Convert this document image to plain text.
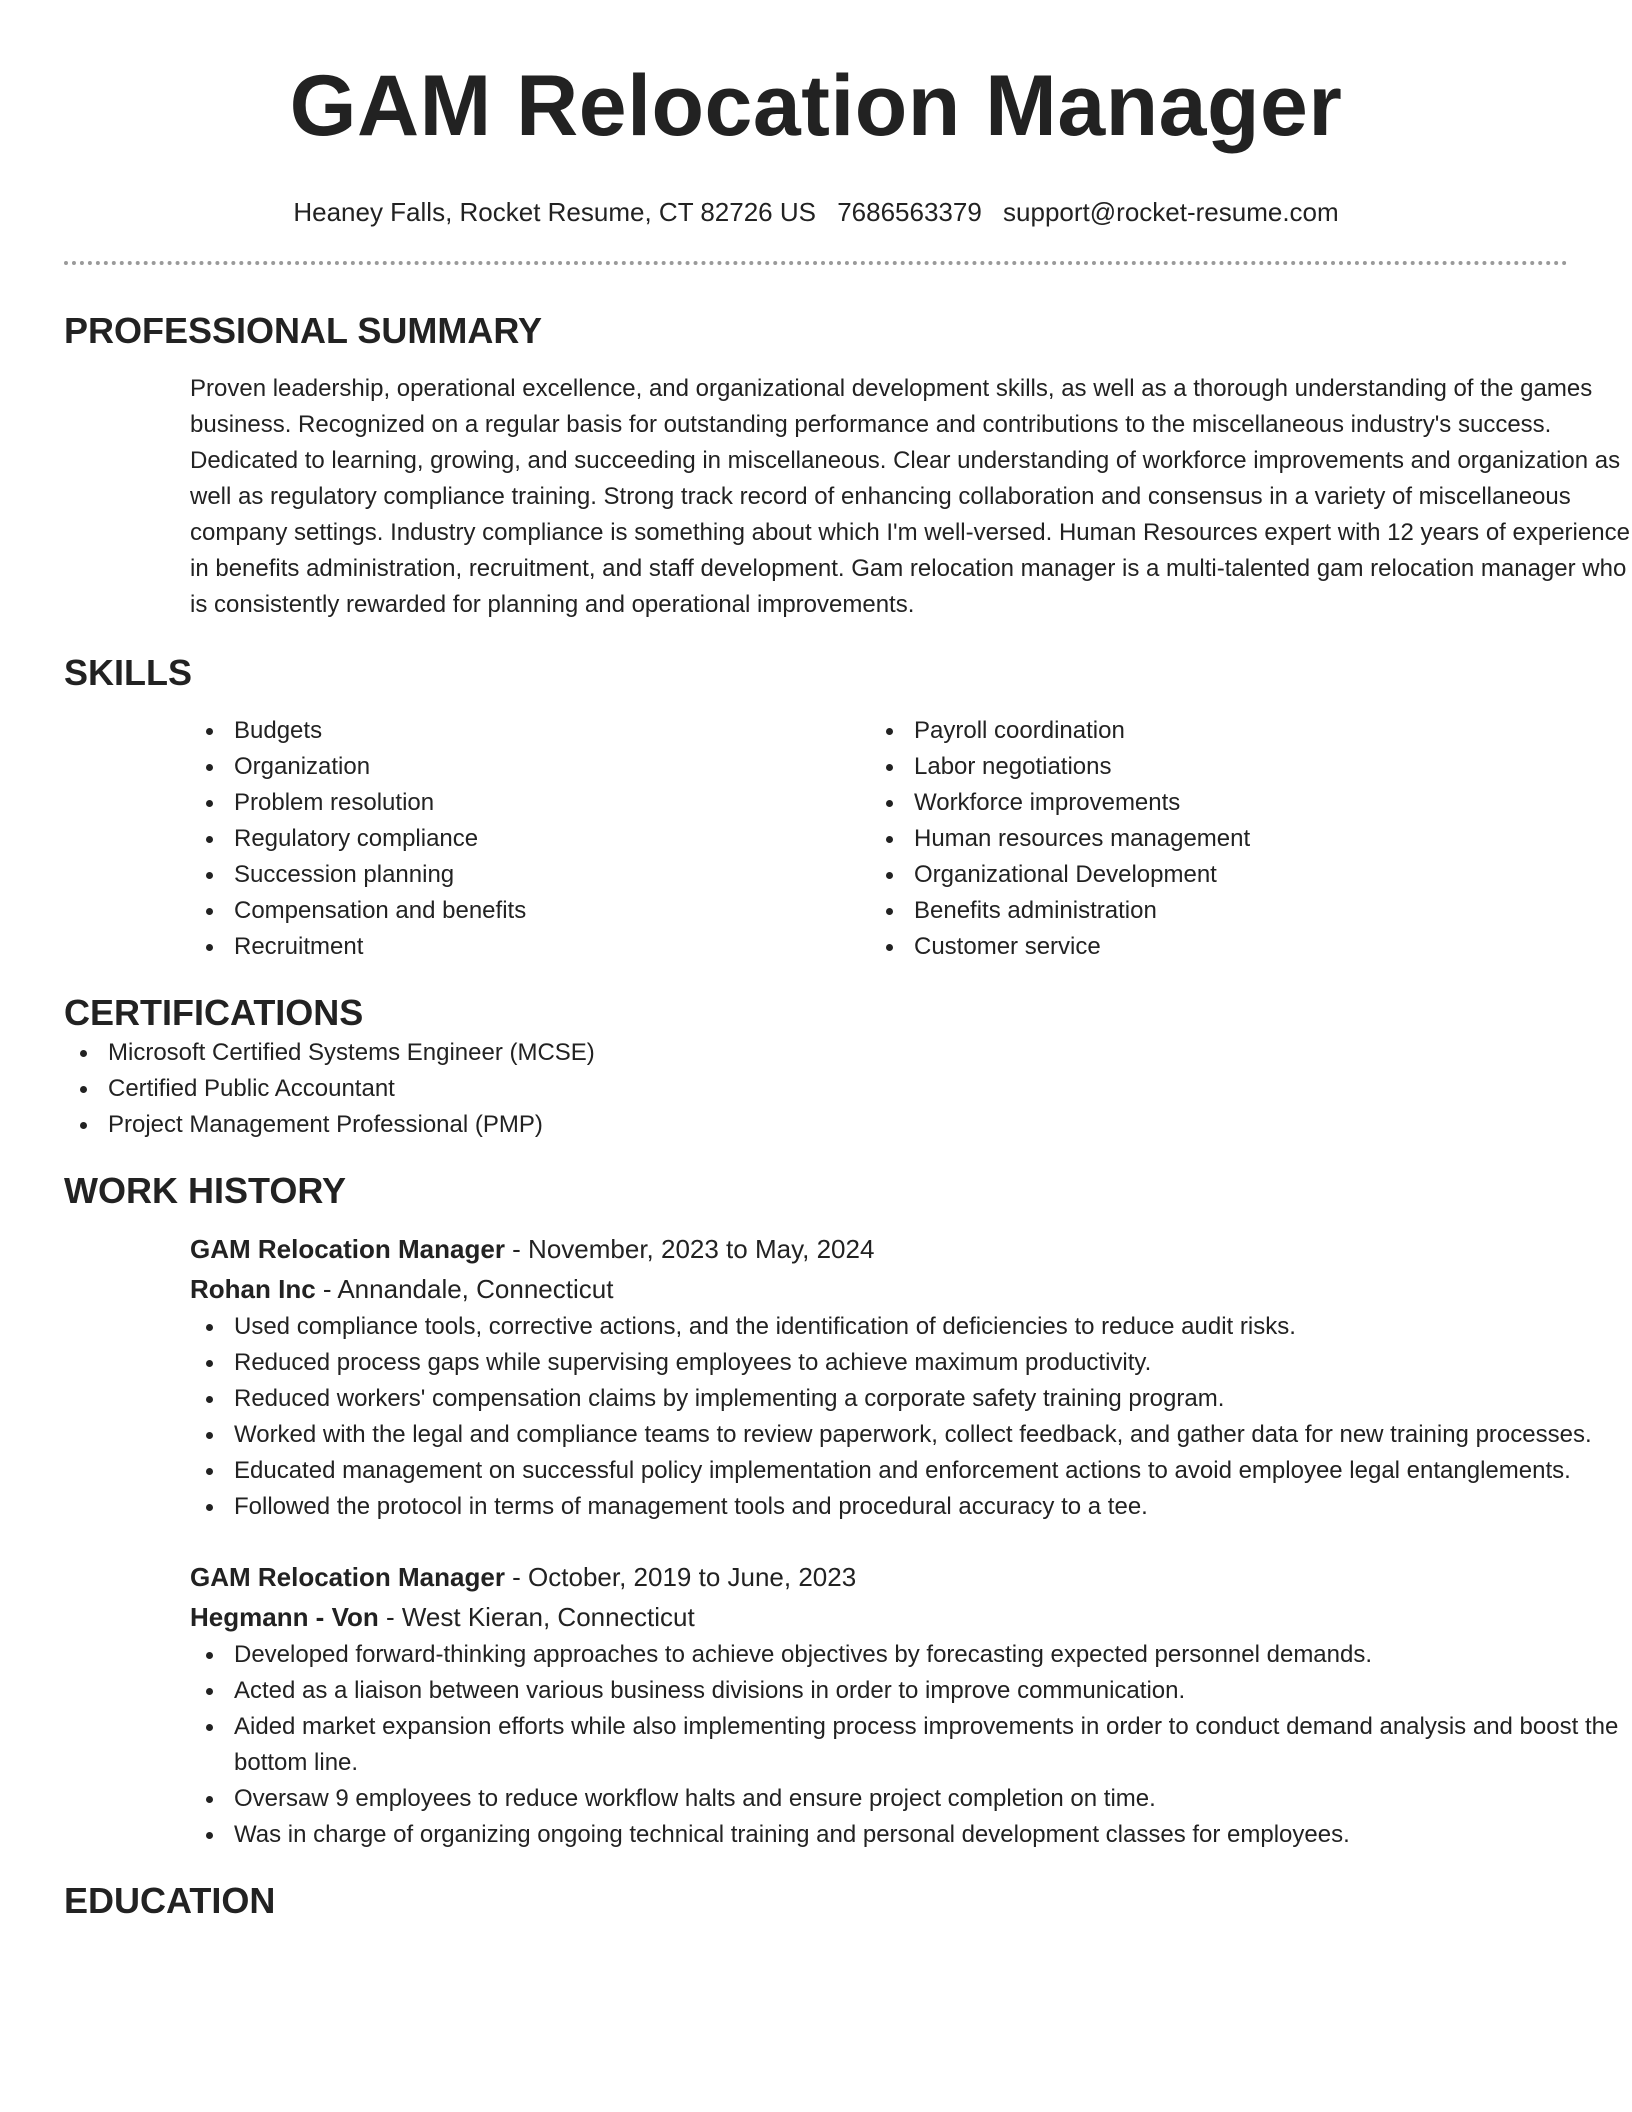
GAM Relocation Manager
Heaney Falls, Rocket Resume, CT 82726 US 7686563379 support@rocket-resume.com
PROFESSIONAL SUMMARY
Proven leadership, operational excellence, and organizational development skills, as well as a thorough understanding of the games business. Recognized on a regular basis for outstanding performance and contributions to the miscellaneous industry's success. Dedicated to learning, growing, and succeeding in miscellaneous. Clear understanding of workforce improvements and organization as well as regulatory compliance training. Strong track record of enhancing collaboration and consensus in a variety of miscellaneous company settings. Industry compliance is something about which I'm well-versed. Human Resources expert with 12 years of experience in benefits administration, recruitment, and staff development. Gam relocation manager is a multi-talented gam relocation manager who is consistently rewarded for planning and operational improvements.
SKILLS
Budgets
Organization
Problem resolution
Regulatory compliance
Succession planning
Compensation and benefits
Recruitment
Payroll coordination
Labor negotiations
Workforce improvements
Human resources management
Organizational Development
Benefits administration
Customer service
CERTIFICATIONS
Microsoft Certified Systems Engineer (MCSE)
Certified Public Accountant
Project Management Professional (PMP)
WORK HISTORY
GAM Relocation Manager - November, 2023 to May, 2024
Rohan Inc - Annandale, Connecticut
Used compliance tools, corrective actions, and the identification of deficiencies to reduce audit risks.
Reduced process gaps while supervising employees to achieve maximum productivity.
Reduced workers' compensation claims by implementing a corporate safety training program.
Worked with the legal and compliance teams to review paperwork, collect feedback, and gather data for new training processes.
Educated management on successful policy implementation and enforcement actions to avoid employee legal entanglements.
Followed the protocol in terms of management tools and procedural accuracy to a tee.
GAM Relocation Manager - October, 2019 to June, 2023
Hegmann - Von - West Kieran, Connecticut
Developed forward-thinking approaches to achieve objectives by forecasting expected personnel demands.
Acted as a liaison between various business divisions in order to improve communication.
Aided market expansion efforts while also implementing process improvements in order to conduct demand analysis and boost the bottom line.
Oversaw 9 employees to reduce workflow halts and ensure project completion on time.
Was in charge of organizing ongoing technical training and personal development classes for employees.
EDUCATION
